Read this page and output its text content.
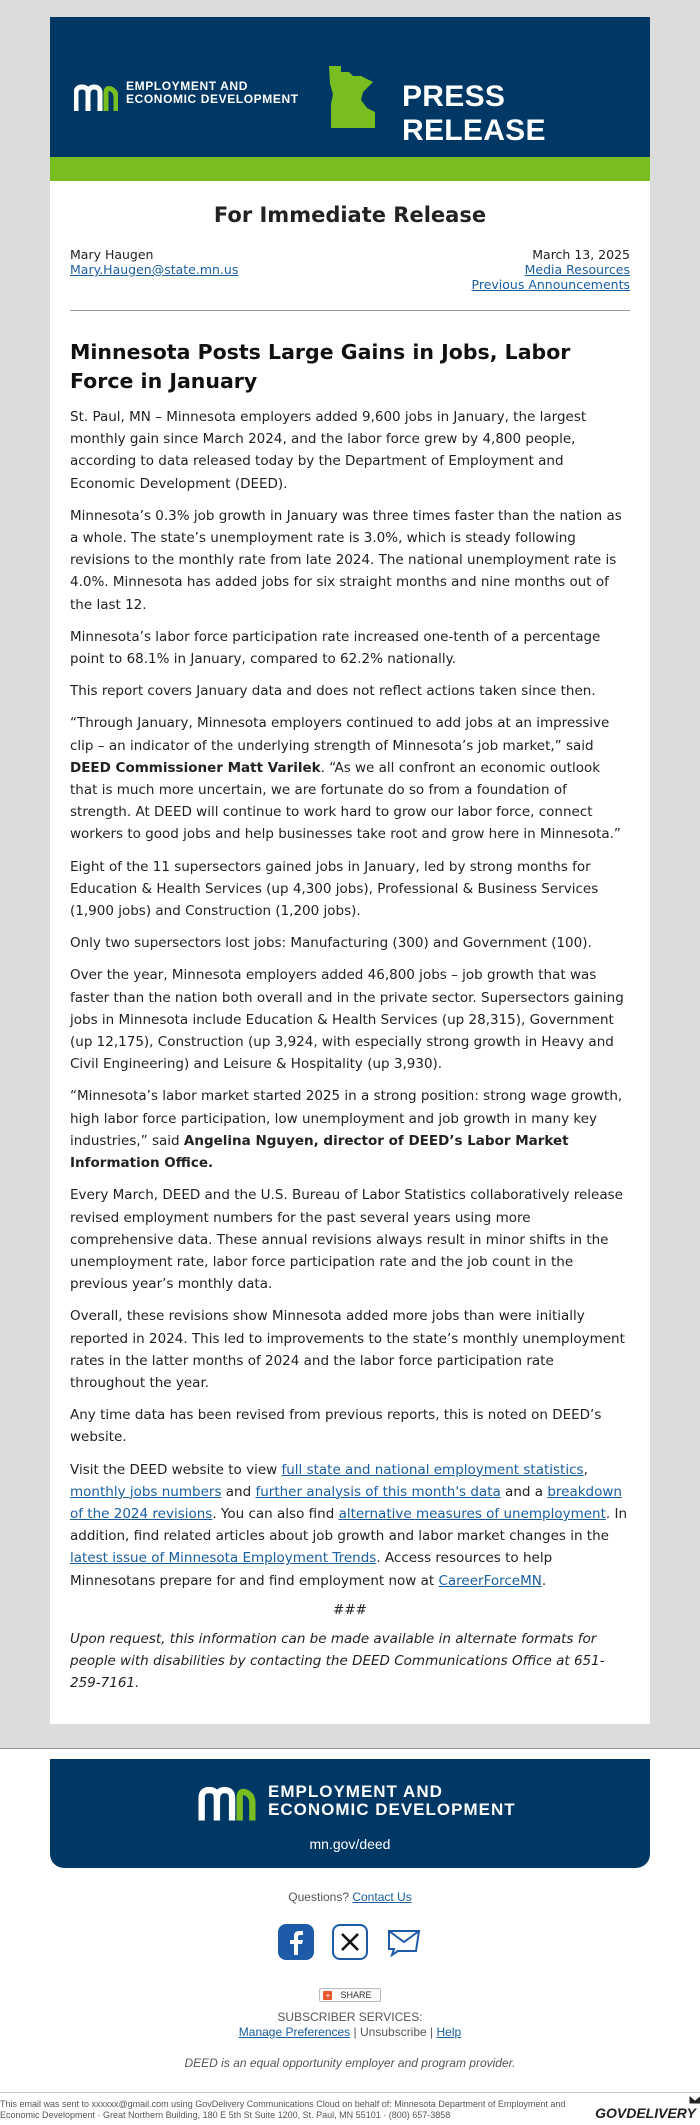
EMPLOYMENT AND
ECONOMIC DEVELOPMENT	PRESS RELEASE
For Immediate Release
Mary Haugen
Mary.Haugen@state.mn.us
March 13, 2025
Media Resources
Previous Announcements
Minnesota Posts Large Gains in Jobs, Labor Force in January

St. Paul, MN – Minnesota employers added 9,600 jobs in January, the largest monthly gain since March 2024, and the labor force grew by 4,800 people, according to data released today by the Department of Employment and Economic Development (DEED).

Minnesota’s 0.3% job growth in January was three times faster than the nation as a whole. The state’s unemployment rate is 3.0%, which is steady following revisions to the monthly rate from late 2024. The national unemployment rate is 4.0%. Minnesota has added jobs for six straight months and nine months out of the last 12.

Minnesota’s labor force participation rate increased one-tenth of a percentage point to 68.1% in January, compared to 62.2% nationally.

This report covers January data and does not reflect actions taken since then.

“Through January, Minnesota employers continued to add jobs at an impressive clip – an indicator of the underlying strength of Minnesota’s job market,” said DEED Commissioner Matt Varilek. “As we all confront an economic outlook that is much more uncertain, we are fortunate do so from a foundation of strength. At DEED will continue to work hard to grow our labor force, connect workers to good jobs and help businesses take root and grow here in Minnesota.”

Eight of the 11 supersectors gained jobs in January, led by strong months for Education & Health Services (up 4,300 jobs), Professional & Business Services (1,900 jobs) and Construction (1,200 jobs).

Only two supersectors lost jobs: Manufacturing (300) and Government (100).

Over the year, Minnesota employers added 46,800 jobs – job growth that was faster than the nation both overall and in the private sector. Supersectors gaining jobs in Minnesota include Education & Health Services (up 28,315), Government (up 12,175), Construction (up 3,924, with especially strong growth in Heavy and Civil Engineering) and Leisure & Hospitality (up 3,930).

“Minnesota’s labor market started 2025 in a strong position: strong wage growth, high labor force participation, low unemployment and job growth in many key industries,” said Angelina Nguyen, director of DEED’s Labor Market Information Office.

Every March, DEED and the U.S. Bureau of Labor Statistics collaboratively release revised employment numbers for the past several years using more comprehensive data. These annual revisions always result in minor shifts in the unemployment rate, labor force participation rate and the job count in the previous year’s monthly data.

Overall, these revisions show Minnesota added more jobs than were initially reported in 2024. This led to improvements to the state’s monthly unemployment rates in the latter months of 2024 and the labor force participation rate throughout the year.

Any time data has been revised from previous reports, this is noted on DEED’s website.

Visit the DEED website to view full state and national employment statistics, monthly jobs numbers and further analysis of this month's data and a breakdown of the 2024 revisions. You can also find alternative measures of unemployment. In addition, find related articles about job growth and labor market changes in the latest issue of Minnesota Employment Trends. Access resources to help Minnesotans prepare for and find employment now at CareerForceMN.

###

Upon request, this information can be made available in alternate formats for people with disabilities by contacting the DEED Communications Office at 651-259-7161.

EMPLOYMENT AND
ECONOMIC DEVELOPMENT
mn.gov/deed
Questions? Contact Us
+ SHARE
SUBSCRIBER SERVICES:
Manage Preferences | Unsubscribe | Help
DEED is an equal opportunity employer and program provider.
This email was sent to xxxxxx@gmail.com using GovDelivery Communications Cloud on behalf of: Minnesota Department of Employment and Economic Development · Great Northern Building, 180 E 5th St Suite 1200, St. Paul, MN 55101 · (800) 657-3858	GOVDELIVERY
